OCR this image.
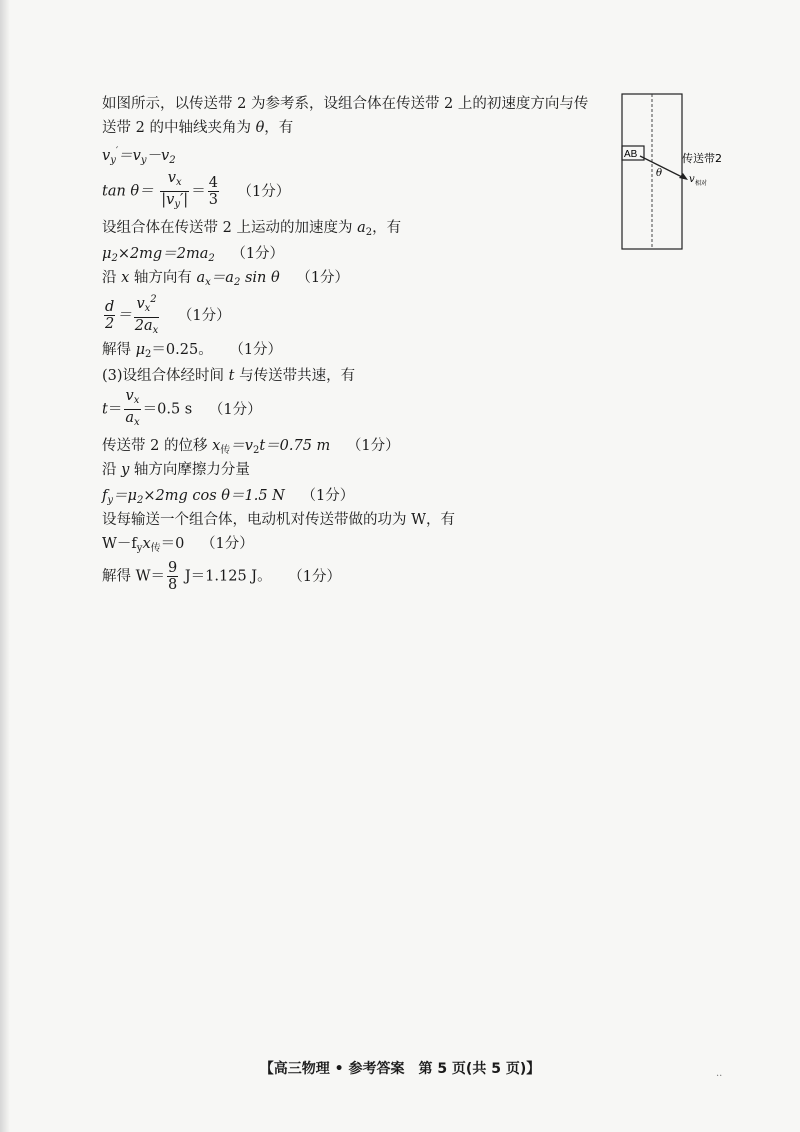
如图所示，以传送带 2 为参考系，设组合体在传送带 2 上的初速度方向与传
送带 2 的中轴线夹角为 θ，有
$v_y'=v_y-v_2$
$\tan \theta= \frac{v_x}{|v_y'|} = \frac{4}{3} (1$分）
设组合体在传送带 2 上运动的加速度为 $a_2$，有
$\mu_2\times 2mg=2ma_2$ （1分）
沿 x 轴方向有 $a_x=a_2$ sin θ （1分）
$\frac{d}{2} = \frac{v_x^2}{2a_x} (1$分）
解得 $\mu_2=0.25$。 （1分）
(3)设组合体经时间 t 与传送带共速，有
$t= \frac{v_x}{a_x} =0.5$ s （1分）
传送带 2 的位移 $x_传=v_2t=0.75$ m （1分）
沿 y 轴方向摩擦力分量
$f_y=\mu_2\times 2mg$ cos θ＝1.5 N （1分）
设每输送一个组合体，电动机对传送带做的功为 W，有
$W-f_yx_传=0$ （1分）
解得 $W= \frac{9}{8} J=1.125$ J。 （1分）
AB
θ
传送带2
v 相对
【高三物理 • 参考答案　第 5 页(共 5 页)】	..
